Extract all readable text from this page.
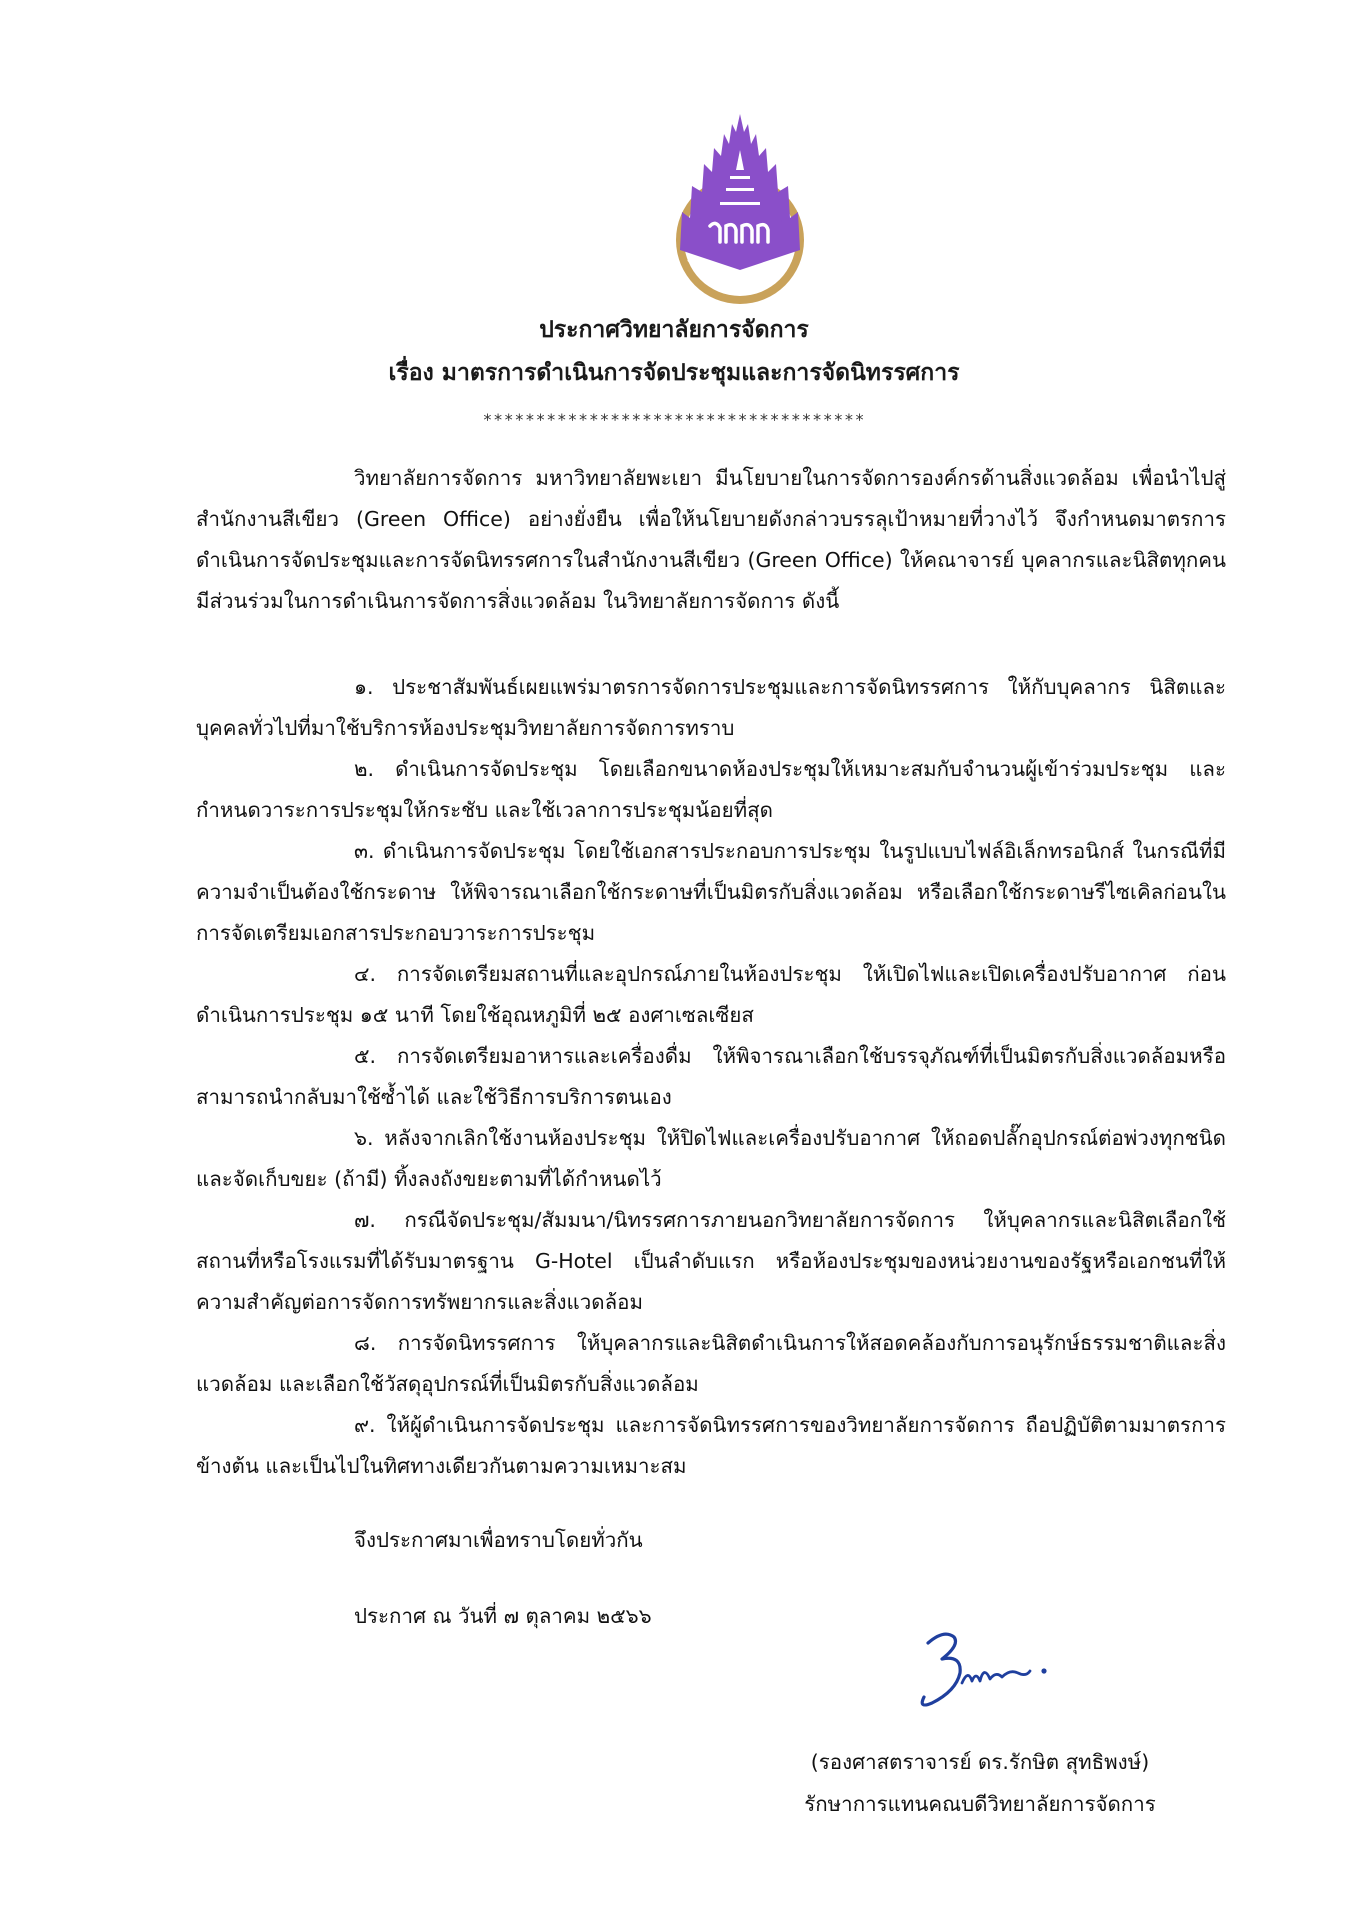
ประกาศวิทยาลัยการจัดการ
เรื่อง มาตรการดำเนินการจัดประชุมและการจัดนิทรรศการ
************************************

วิทยาลัยการจัดการ มหาวิทยาลัยพะเยา มีนโยบายในการจัดการองค์กรด้านสิ่งแวดล้อม เพื่อนำไปสู่สำนักงานสีเขียว (Green Office) อย่างยั่งยืน เพื่อให้นโยบายดังกล่าวบรรลุเป้าหมายที่วางไว้ จึงกำหนดมาตรการดำเนินการจัดประชุมและการจัดนิทรรศการในสำนักงานสีเขียว (Green Office) ให้คณาจารย์ บุคลากรและนิสิตทุกคนมีส่วนร่วมในการดำเนินการจัดการสิ่งแวดล้อม ในวิทยาลัยการจัดการ ดังนี้

๑. ประชาสัมพันธ์เผยแพร่มาตรการจัดการประชุมและการจัดนิทรรศการ ให้กับบุคลากร นิสิตและบุคคลทั่วไปที่มาใช้บริการห้องประชุมวิทยาลัยการจัดการทราบ

๒. ดำเนินการจัดประชุม โดยเลือกขนาดห้องประชุมให้เหมาะสมกับจำนวนผู้เข้าร่วมประชุม และกำหนดวาระการประชุมให้กระชับ และใช้เวลาการประชุมน้อยที่สุด

๓. ดำเนินการจัดประชุม โดยใช้เอกสารประกอบการประชุม ในรูปแบบไฟล์อิเล็กทรอนิกส์ ในกรณีที่มีความจำเป็นต้องใช้กระดาษ ให้พิจารณาเลือกใช้กระดาษที่เป็นมิตรกับสิ่งแวดล้อม หรือเลือกใช้กระดาษรีไซเคิลก่อนในการจัดเตรียมเอกสารประกอบวาระการประชุม

๔. การจัดเตรียมสถานที่และอุปกรณ์ภายในห้องประชุม ให้เปิดไฟและเปิดเครื่องปรับอากาศ ก่อนดำเนินการประชุม ๑๕ นาที โดยใช้อุณหภูมิที่ ๒๕ องศาเซลเซียส

๕. การจัดเตรียมอาหารและเครื่องดื่ม ให้พิจารณาเลือกใช้บรรจุภัณฑ์ที่เป็นมิตรกับสิ่งแวดล้อมหรือสามารถนำกลับมาใช้ซ้ำได้ และใช้วิธีการบริการตนเอง

๖. หลังจากเลิกใช้งานห้องประชุม ให้ปิดไฟและเครื่องปรับอากาศ ให้ถอดปลั๊กอุปกรณ์ต่อพ่วงทุกชนิด และจัดเก็บขยะ (ถ้ามี) ทิ้งลงถังขยะตามที่ได้กำหนดไว้

๗. กรณีจัดประชุม/สัมมนา/นิทรรศการภายนอกวิทยาลัยการจัดการ ให้บุคลากรและนิสิตเลือกใช้สถานที่หรือโรงแรมที่ได้รับมาตรฐาน G-Hotel เป็นลำดับแรก หรือห้องประชุมของหน่วยงานของรัฐหรือเอกชนที่ให้ความสำคัญต่อการจัดการทรัพยากรและสิ่งแวดล้อม

๘. การจัดนิทรรศการ ให้บุคลากรและนิสิตดำเนินการให้สอดคล้องกับการอนุรักษ์ธรรมชาติและสิ่งแวดล้อม และเลือกใช้วัสดุอุปกรณ์ที่เป็นมิตรกับสิ่งแวดล้อม

๙. ให้ผู้ดำเนินการจัดประชุม และการจัดนิทรรศการของวิทยาลัยการจัดการ ถือปฏิบัติตามมาตรการข้างต้น และเป็นไปในทิศทางเดียวกันตามความเหมาะสม

จึงประกาศมาเพื่อทราบโดยทั่วกัน
ประกาศ ณ วันที่ ๗ ตุลาคม ๒๕๖๖
(รองศาสตราจารย์ ดร.รักษิต สุทธิพงษ์)
รักษาการแทนคณบดีวิทยาลัยการจัดการ
